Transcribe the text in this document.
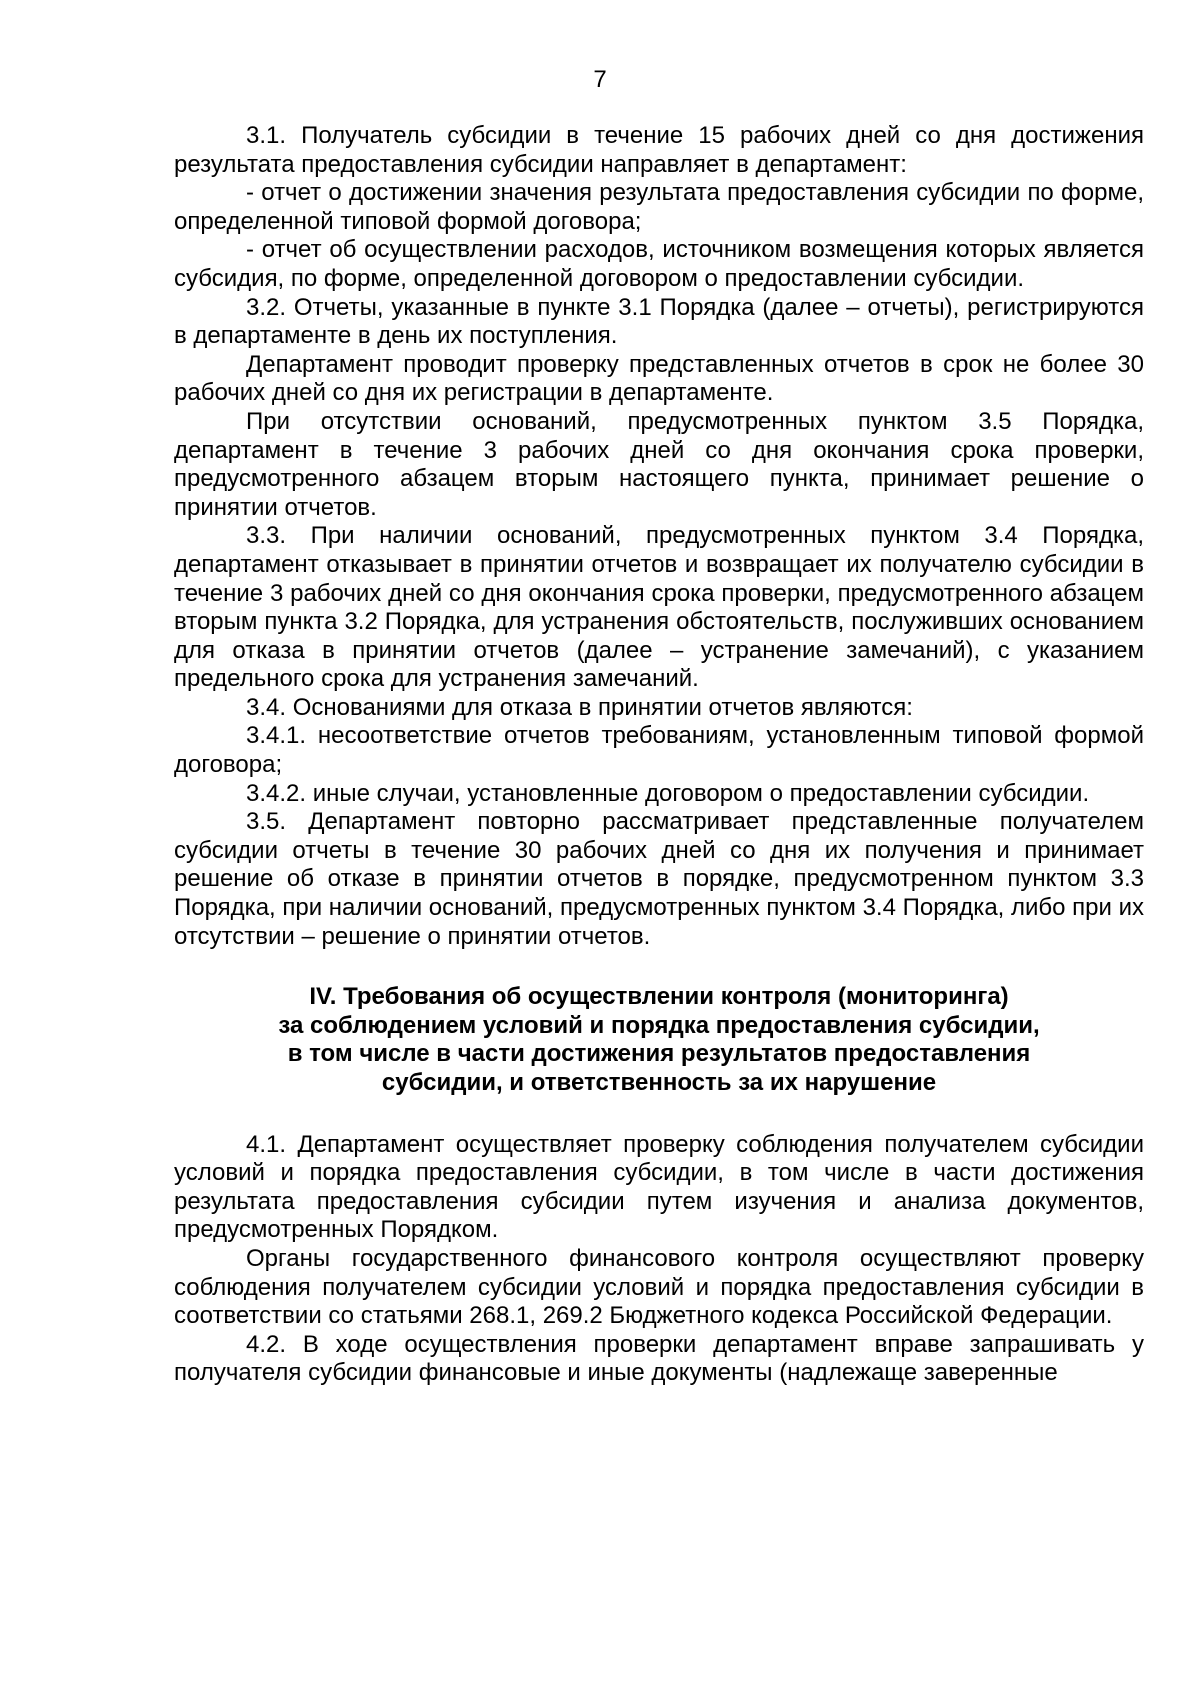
7

3.1. Получатель субсидии в течение 15 рабочих дней со дня достижения результата предоставления субсидии направляет в департамент:

- отчет о достижении значения результата предоставления субсидии по форме, определенной типовой формой договора;

- отчет об осуществлении расходов, источником возмещения которых является субсидия, по форме, определенной договором о предоставлении субсидии.

3.2. Отчеты, указанные в пункте 3.1 Порядка (далее – отчеты), регистрируются в департаменте в день их поступления.

Департамент проводит проверку представленных отчетов в срок не более 30 рабочих дней со дня их регистрации в департаменте.

При отсутствии оснований, предусмотренных пунктом 3.5 Порядка, департамент в течение 3 рабочих дней со дня окончания срока проверки, предусмотренного абзацем вторым настоящего пункта, принимает решение о принятии отчетов.

3.3. При наличии оснований, предусмотренных пунктом 3.4 Порядка, департамент отказывает в принятии отчетов и возвращает их получателю субсидии в течение 3 рабочих дней со дня окончания срока проверки, предусмотренного абзацем вторым пункта 3.2 Порядка, для устранения обстоятельств, послуживших основанием для отказа в принятии отчетов (далее – устранение замечаний), с указанием предельного срока для устранения замечаний.

3.4. Основаниями для отказа в принятии отчетов являются:

3.4.1. несоответствие отчетов требованиям, установленным типовой формой договора;

3.4.2. иные случаи, установленные договором о предоставлении субсидии.

3.5. Департамент повторно рассматривает представленные получателем субсидии отчеты в течение 30 рабочих дней со дня их получения и принимает решение об отказе в принятии отчетов в порядке, предусмотренном пунктом 3.3 Порядка, при наличии оснований, предусмотренных пунктом 3.4 Порядка, либо при их отсутствии – решение о принятии отчетов.

IV. Требования об осуществлении контроля (мониторинга)
за соблюдением условий и порядка предоставления субсидии,
в том числе в части достижения результатов предоставления
субсидии, и ответственность за их нарушение

4.1. Департамент осуществляет проверку соблюдения получателем субсидии условий и порядка предоставления субсидии, в том числе в части достижения результата предоставления субсидии путем изучения и анализа документов, предусмотренных Порядком.

Органы государственного финансового контроля осуществляют проверку соблюдения получателем субсидии условий и порядка предоставления субсидии в соответствии со статьями 268.1, 269.2 Бюджетного кодекса Российской Федерации.

4.2. В ходе осуществления проверки департамент вправе запрашивать у получателя субсидии финансовые и иные документы (надлежаще заверенные
